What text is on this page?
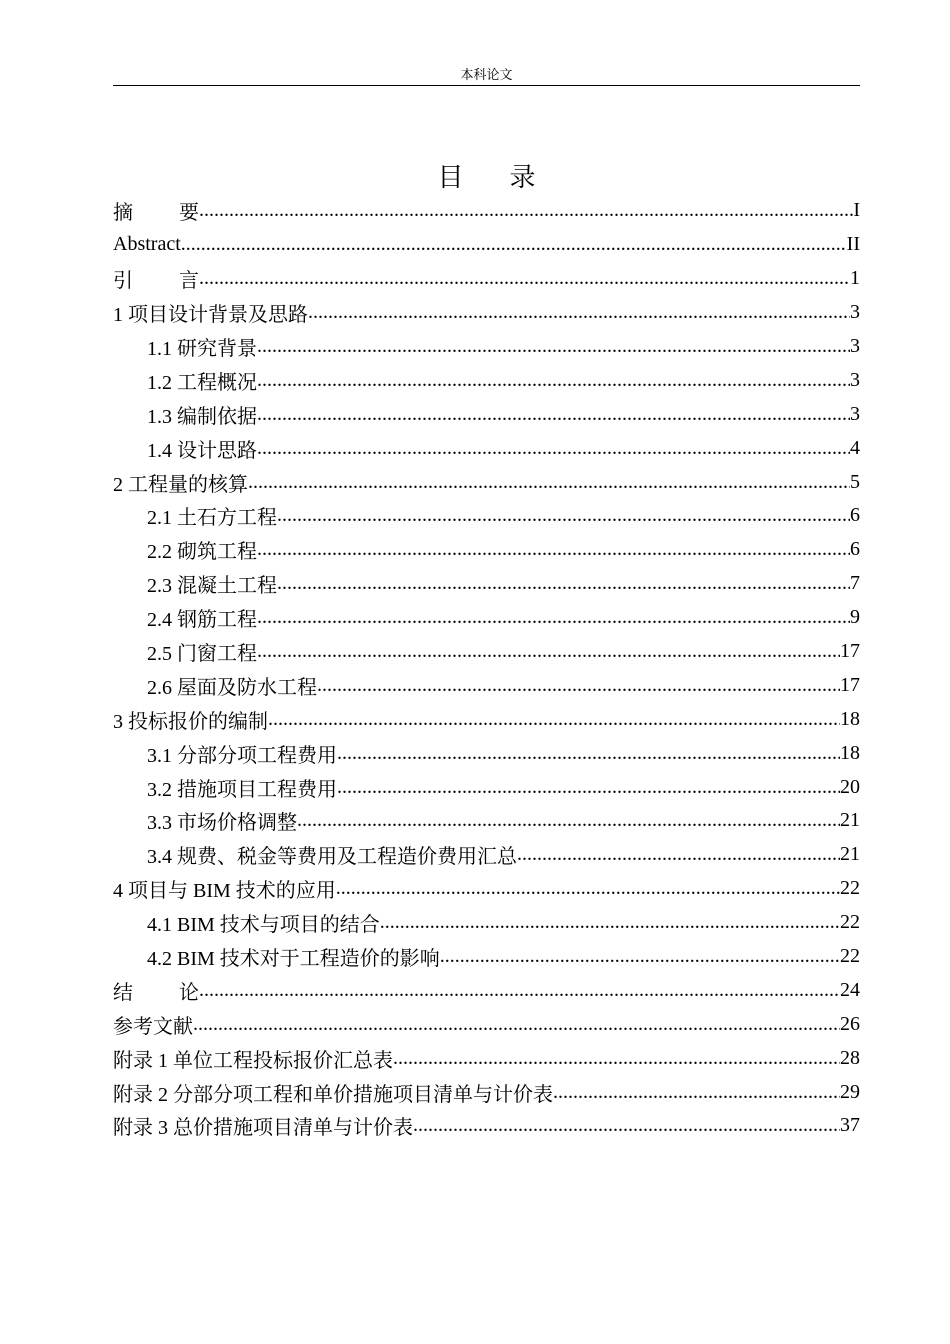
本科论文
目录
摘要 .....	I
Abstract .....	II
引言 .....	1
1 项目设计背景及思路 .....	3
1.1 研究背景 .....	3
1.2 工程概况 .....	3
1.3 编制依据 .....	3
1.4 设计思路 .....	4
2 工程量的核算 .....	5
2.1 土石方工程 .....	6
2.2 砌筑工程 .....	6
2.3 混凝土工程 .....	7
2.4 钢筋工程 .....	9
2.5 门窗工程 .....	17
2.6 屋面及防水工程 .....	17
3 投标报价的编制 .....	18
3.1 分部分项工程费用 .....	18
3.2 措施项目工程费用 .....	20
3.3 市场价格调整 .....	21
3.4 规费、税金等费用及工程造价费用汇总 .....	21
4 项目与 BIM 技术的应用 .....	22
4.1 BIM 技术与项目的结合 .....	22
4.2 BIM 技术对于工程造价的影响 .....	22
结论 .....	24
参考文献 .....	26
附录 1 单位工程投标报价汇总表 .....	28
附录 2 分部分项工程和单价措施项目清单与计价表 .....	29
附录 3 总价措施项目清单与计价表 .....	37
